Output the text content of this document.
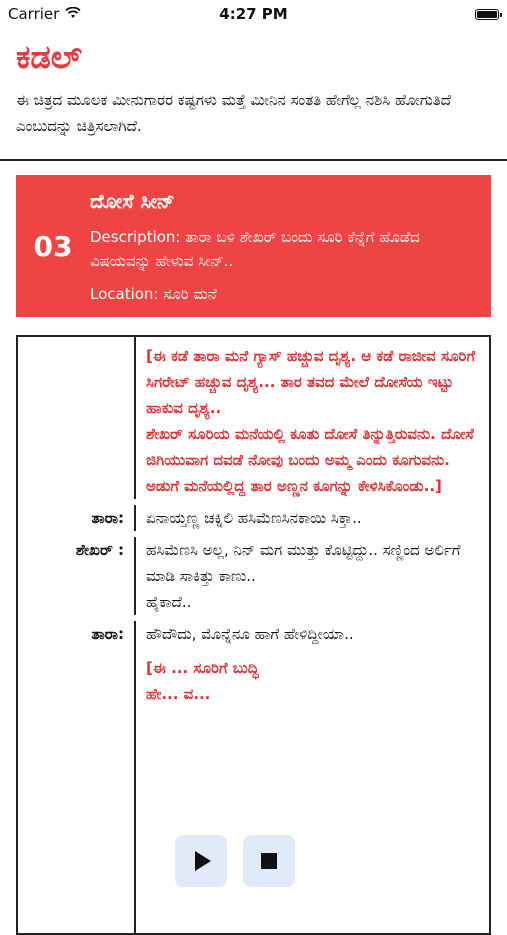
Carrier	4:27 PM
ಕಡಲ್
ಈ ಚಿತ್ರದ ಮೂಲಕ ಮೀನುಗಾರರ ಕಷ್ಟಗಳು ಮತ್ತೆ ಮೀನಿನ ಸಂತತಿ ಹೇಗೆಲ್ಲ ನಶಿಸಿ ಹೋಗುತಿದೆ ಎಂಬುದನ್ನು ಚಿತ್ರಿಸಲಾಗಿದೆ.
03
ದೋಸೆ ಸೀನ್
Description: ತಾರಾ ಬಳಿ ಶೇಖರ್ ಬಂದು ಸೂರಿ ಕೆನ್ನೆಗೆ ಹೊಡೆದ ವಿಷಯವನ್ನು ಹೇಳುವ ಸೀನ್..
Location: ಸೂರಿ ಮನೆ
[ಈ ಕಡೆ ತಾರಾ ಮನೆ ಗ್ಯಾಸ್ ಹಚ್ಚುವ ದೃಶ್ಯ. ಆ ಕಡೆ ರಾಜೀವ ಸೂರಿಗೆ ಸಿಗರೇಟ್ ಹಚ್ಚುವ ದೃಶ್ಯ... ತಾರ ತವದ ಮೇಲೆ ದೋಸೆಯ ಇಟ್ಟು ಹಾಕುವ ದೃಶ್ಯ..
ಶೇಖರ್ ಸೂರಿಯ ಮನೆಯಲ್ಲಿ ಕೂತು ದೋಸೆ ತಿನ್ನುತ್ತಿರುವನು. ದೋಸೆ ಜಿಗಿಯುವಾಗ ದವಡೆ ನೋವು ಬಂದು ಅಮ್ಮ ಎಂದು ಕೂಗುವನು. ಅಡುಗೆ ಮನೆಯಲ್ಲಿದ್ದ ತಾರ ಅಣ್ಣನ ಕೂಗನ್ನು ಕೇಳಿಸಿಕೊಂಡು..]
ತಾರಾ:	ಏನಾಯ್ತಣ್ಣ ಚಕ್ನಿಲಿ ಹಸಿಮೆಣಸಿನಕಾಯಿ ಸಿಕ್ತಾ..
ಶೇಖರ್ :	ಹಸಿಮೆಣಸಿ ಅಲ್ಲ, ನಿನ್ ಮಗ ಮುತ್ತು ಕೊಟ್ಟಿದ್ದು.. ಸಣ್ಣಿಂದ ಅರ್ಲಿಗೆ ಮಾಡಿ ಸಾಕಿತ್ತು ಕಾಣು..
ಹೈಕಾದೆ..
ತಾರಾ:	ಹೌದೌದು, ಮೊನ್ನೆನೂ ಹಾಗೆ ಹೇಳಿದ್ದೀಯಾ..
[ಈ ... ಸೂರಿಗೆ ಬುದ್ಧಿ
ಹೇ... ವ...
